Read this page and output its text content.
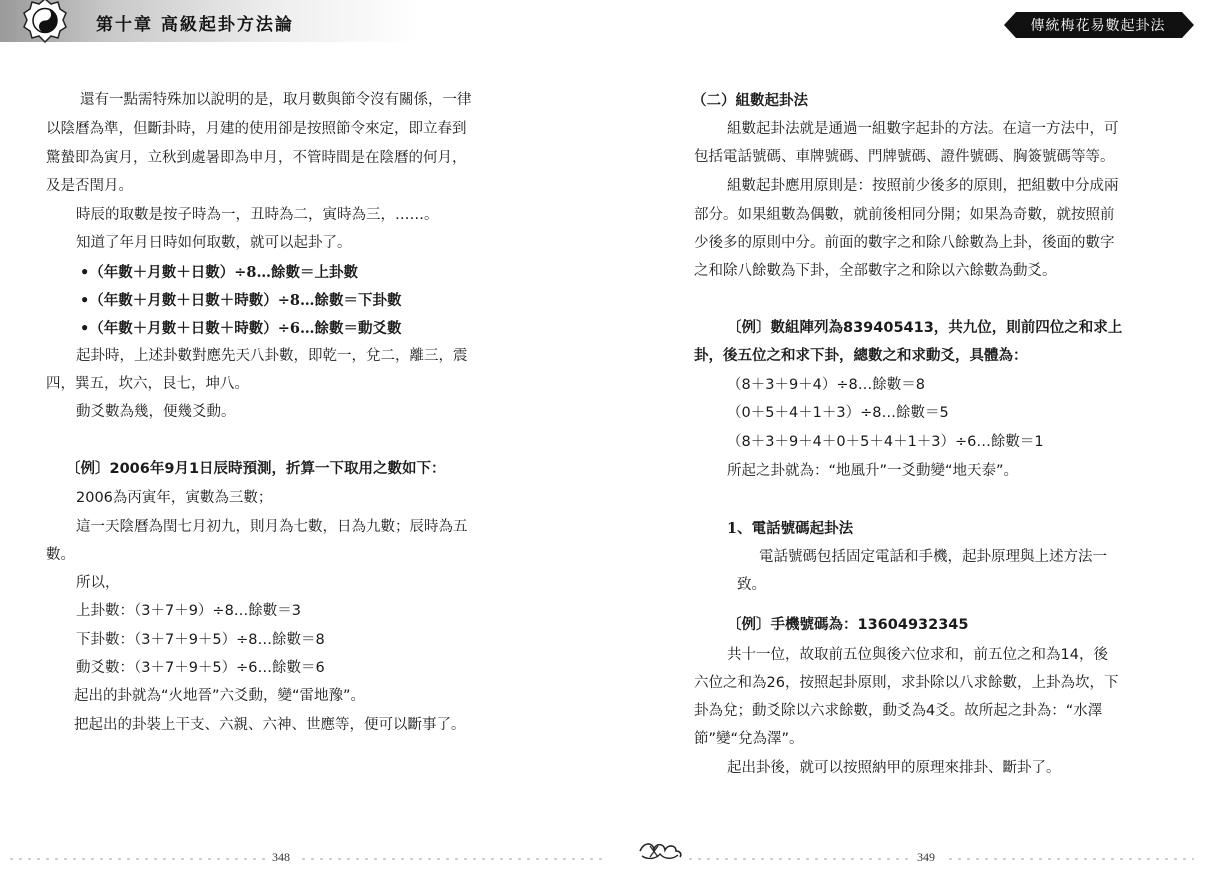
第十章 高級起卦方法論
還有一點需特殊加以說明的是，取月數與節令沒有關係，一律
以陰曆為準，但斷卦時，月建的使用卻是按照節令來定，即立春到
驚蟄即為寅月，立秋到處暑即為申月，不管時間是在陰曆的何月，
及是否閏月。
時辰的取數是按子時為一，丑時為二，寅時為三，……。
知道了年月日時如何取數，就可以起卦了。
•（年數＋月數＋日數）÷8…餘數＝上卦數
•（年數＋月數＋日數＋時數）÷8…餘數＝下卦數
•（年數＋月數＋日數＋時數）÷6…餘數＝動爻數
起卦時，上述卦數對應先天八卦數，即乾一，兌二，離三，震
四，巽五，坎六，艮七，坤八。
動爻數為幾，便幾爻動。
〔例〕2006年9月1日辰時預測，折算一下取用之數如下：
2006為丙寅年，寅數為三數；
這一天陰曆為閏七月初九，則月為七數，日為九數；辰時為五
數。
所以，
上卦數：（3＋7＋9）÷8…餘數＝3
下卦數：（3＋7＋9＋5）÷8…餘數＝8
動爻數：（3＋7＋9＋5）÷6…餘數＝6
起出的卦就為“火地晉”六爻動，變“雷地豫”。
把起出的卦裝上干支、六親、六神、世應等，便可以斷事了。
348
傳統梅花易數起卦法
（二）組數起卦法
組數起卦法就是通過一組數字起卦的方法。在這一方法中，可
包括電話號碼、車牌號碼、門牌號碼、證件號碼、胸簽號碼等等。
組數起卦應用原則是：按照前少後多的原則，把組數中分成兩
部分。如果組數為偶數，就前後相同分開；如果為奇數，就按照前
少後多的原則中分。前面的數字之和除八餘數為上卦，後面的數字
之和除八餘數為下卦，全部數字之和除以六餘數為動爻。
〔例〕數組陣列為839405413，共九位，則前四位之和求上
卦，後五位之和求下卦，總數之和求動爻，具體為：
（8＋3＋9＋4）÷8…餘數＝8
（0＋5＋4＋1＋3）÷8…餘數＝5
（8＋3＋9＋4＋0＋5＋4＋1＋3）÷6…餘數＝1
所起之卦就為：“地風升”一爻動變“地天泰”。
1、電話號碼起卦法
電話號碼包括固定電話和手機，起卦原理與上述方法一
致。
〔例〕手機號碼為：13604932345
共十一位，故取前五位與後六位求和，前五位之和為14，後
六位之和為26，按照起卦原則，求卦除以八求餘數，上卦為坎，下
卦為兌；動爻除以六求餘數，動爻為4爻。故所起之卦為：“水澤
節”變“兌為澤”。
起出卦後，就可以按照納甲的原理來排卦、斷卦了。
349
